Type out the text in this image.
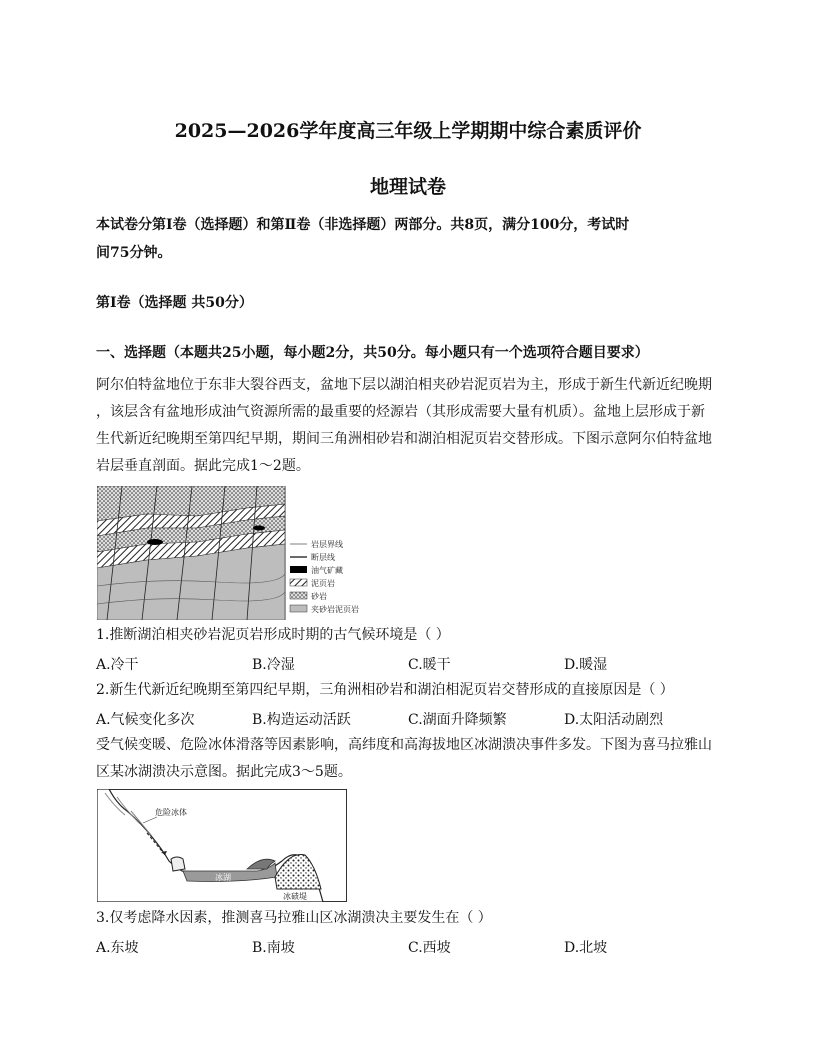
2025—2026学年度高三年级上学期期中综合素质评价
地理试卷
本试卷分第Ⅰ卷（选择题）和第Ⅱ卷（非选择题）两部分。共8页，满分100分，考试时
间75分钟。
第Ⅰ卷（选择题 共50分）
一、选择题（本题共25小题，每小题2分，共50分。每小题只有一个选项符合题目要求）
阿尔伯特盆地位于东非大裂谷西支，盆地下层以湖泊相夹砂岩泥页岩为主，形成于新生代新近纪晚期
，该层含有盆地形成油气资源所需的最重要的烃源岩（其形成需要大量有机质）。盆地上层形成于新
生代新近纪晚期至第四纪早期，期间三角洲相砂岩和湖泊相泥页岩交替形成。下图示意阿尔伯特盆地
岩层垂直剖面。据此完成1～2题。
岩层界线
断层线
油气矿藏
泥页岩
砂岩
夹砂岩泥页岩
1.推断湖泊相夹砂岩泥页岩形成时期的古气候环境是（ ）
A.冷干	B.冷湿	C.暖干	D.暖湿
2.新生代新近纪晚期至第四纪早期，三角洲相砂岩和湖泊相泥页岩交替形成的直接原因是（ ）
A.气候变化多次	B.构造运动活跃	C.湖面升降频繁	D.太阳活动剧烈
受气候变暖、危险冰体滑落等因素影响，高纬度和高海拔地区冰湖溃决事件多发。下图为喜马拉雅山
区某冰湖溃决示意图。据此完成3～5题。
危险冰体
冰湖
冰碛堤
3.仅考虑降水因素，推测喜马拉雅山区冰湖溃决主要发生在（ ）
A.东坡	B.南坡	C.西坡	D.北坡
